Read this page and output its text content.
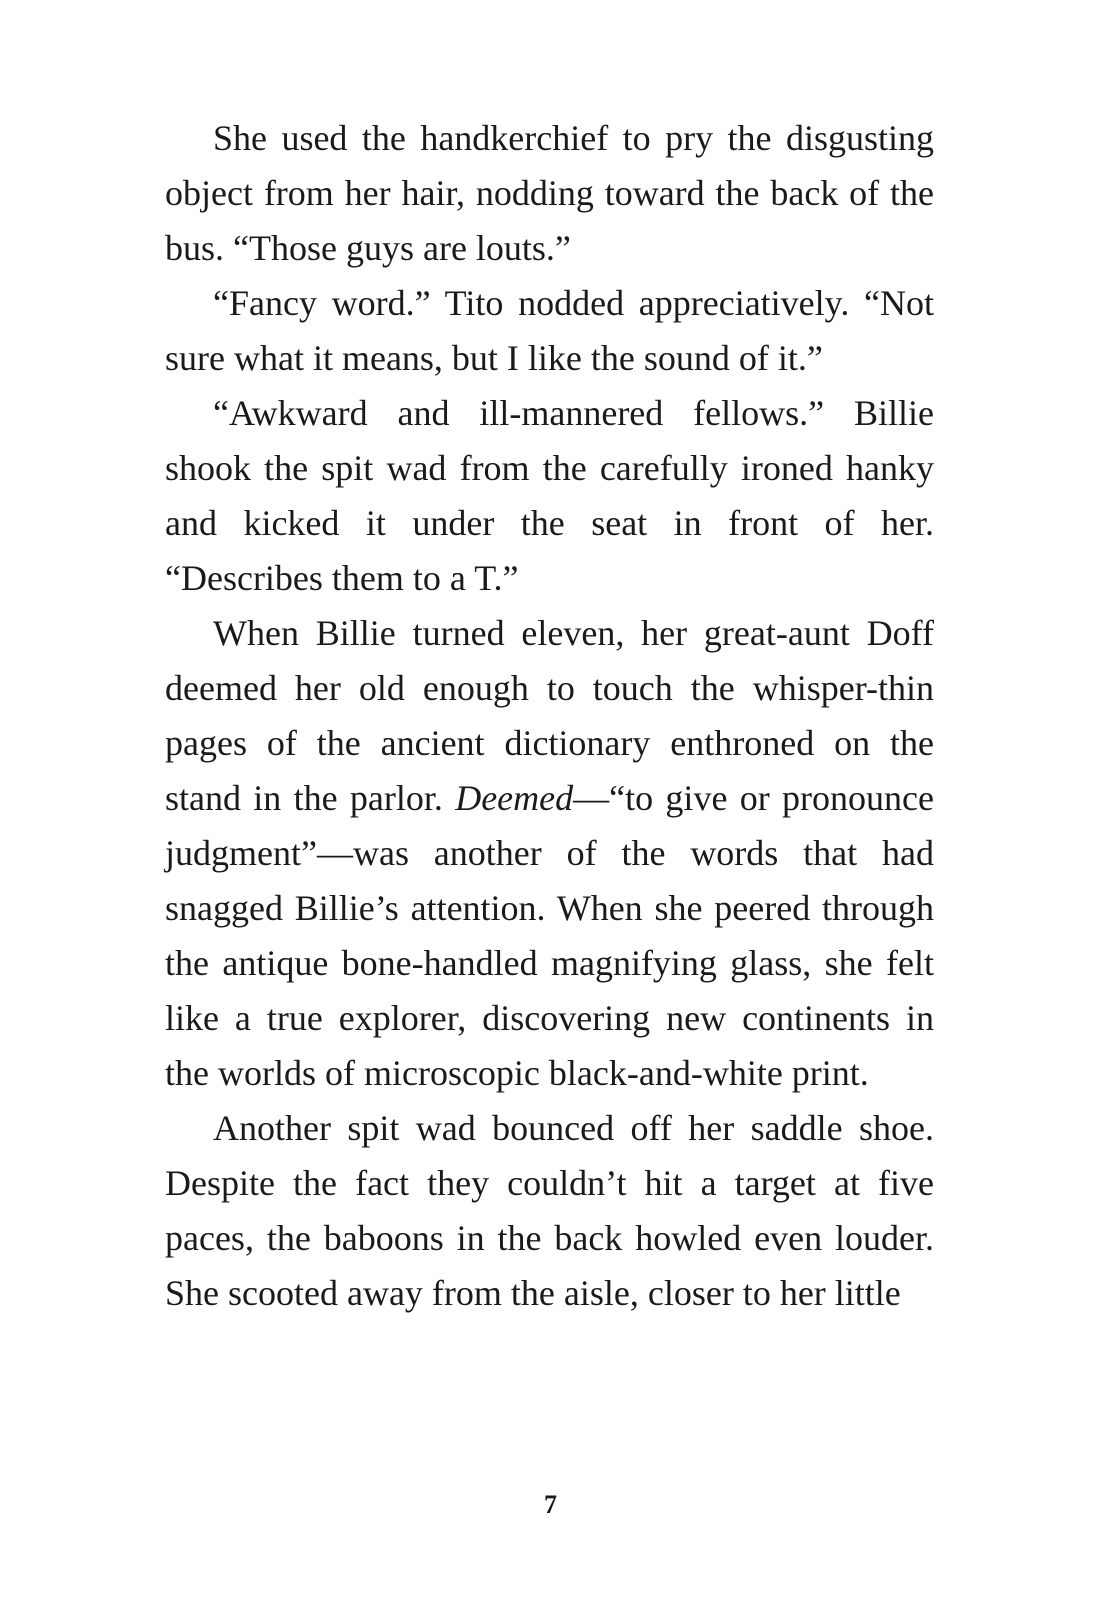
She used the handkerchief to pry the disgusting object from her hair, nodding toward the back of the bus. “Those guys are louts.”

“Fancy word.” Tito nodded appreciatively. “Not sure what it means, but I like the sound of it.”

“Awkward and ill-mannered fellows.” Billie shook the spit wad from the carefully ironed hanky and kicked it under the seat in front of her. “Describes them to a T.”

When Billie turned eleven, her great-aunt Doff deemed her old enough to touch the whisper-thin pages of the ancient dictionary enthroned on the stand in the parlor. Deemed—“to give or pronounce judgment”—was another of the words that had snagged Billie’s attention. When she peered through the antique bone-handled magnifying glass, she felt like a true explorer, discovering new continents in the worlds of microscopic black-and-white print.

Another spit wad bounced off her saddle shoe. Despite the fact they couldn’t hit a target at five paces, the baboons in the back howled even louder. She scooted away from the aisle, closer to her little

7
